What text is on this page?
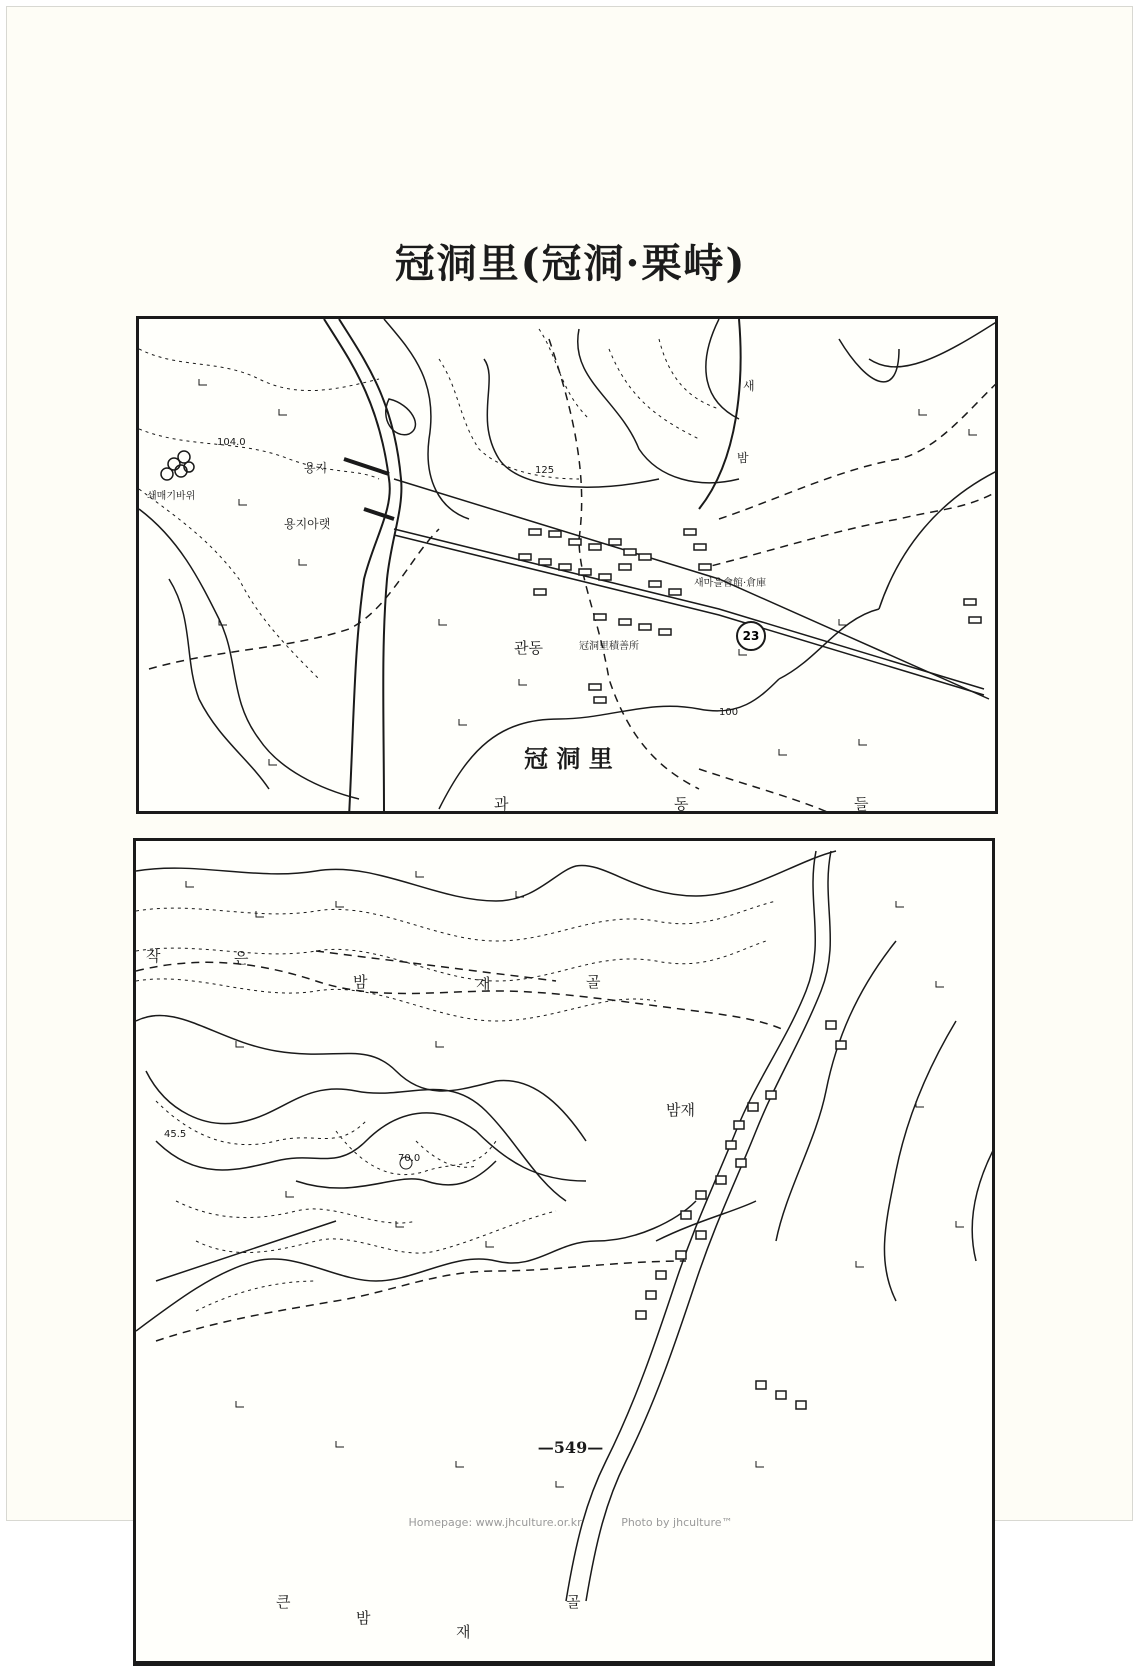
冠洞里(冠洞·栗峙)
104.0
쇄매기바위
용지
용지아랫
관동
새마을會館·倉庫
冠洞里積善所
23
밤
새
125
100
冠 洞 里
과	동	들
작	은
밤	재	골
밤재
45.5
70.0
큰
밤
재
골
—549—
Homepage: www.jhculture.or.kr	Photo by jhculture™
